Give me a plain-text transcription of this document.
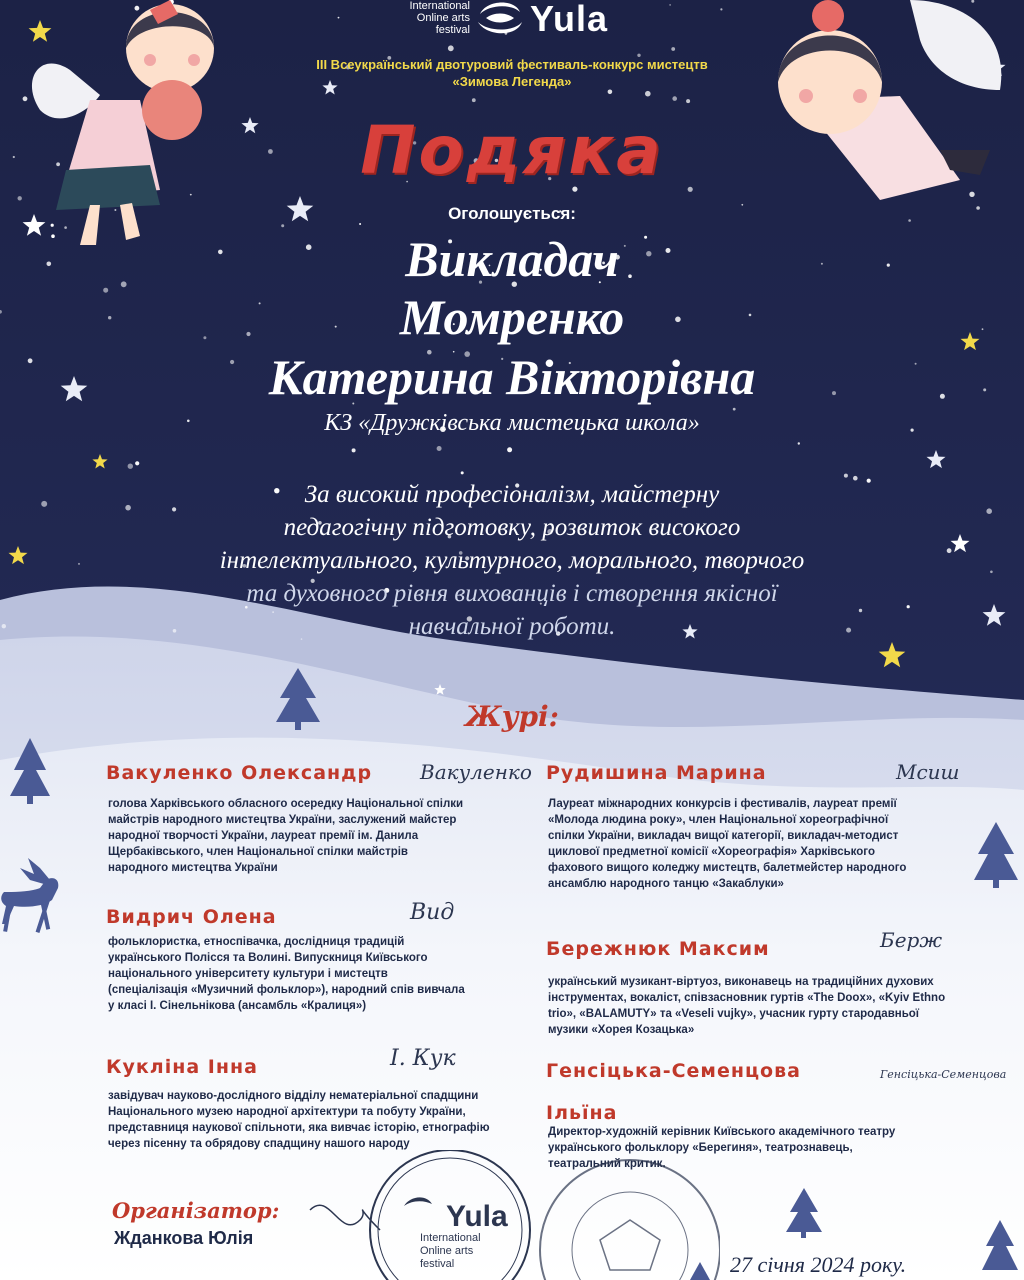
International Online arts festival Yula
ІІІ Всеукраїнський двотуровий фестиваль-конкурс мистецтв
«Зимова Легенда»
Подяка
Оголошується:
Викладач
Момренко
Катерина Вікторівна
КЗ «Дружківська мистецька школа»
За високий професіоналізм, майстерну
педагогічну підготовку, розвиток високого
інтелектуального, культурного, морального, творчого
та духовного рівня вихованців і створення якісної
навчальної роботи.
Журі:
Вакуленко Олександр Вакуленко
голова Харківського обласного осередку Національної спілки майстрів народного мистецтва України, заслужений майстер народної творчості України, лауреат премії ім. Данила Щербаківського, член Національної спілки майстрів народного мистецтва України
Видрич Олена	Вид
фольклористка, етноспівачка, дослідниця традицій українського Полісся та Волині. Випускниця Київського національного університету культури і мистецтв (спеціалізація «Музичний фольклор»), народний спів вивчала у класі І. Сінельнікова (ансамбль «Кралиця»)
Кукліна Інна	І. Кук
завідувач науково-дослідного відділу нематеріальної спадщини Національного музею народної архітектури та побуту України, представниця наукової спільноти, яка вивчає історію, етнографію через пісенну та обрядову спадщину нашого народу
Рудишина Марина	Мсиш
Лауреат міжнародних конкурсів і фестивалів, лауреат премії «Молода людина року», член Національної хореографічної спілки України, викладач вищої категорії, викладач-методист циклової предметної комісії «Хореографія» Харківського фахового вищого коледжу мистецтв, балетмейстер народного ансамблю народного танцю «Закаблуки»
Бережнюк Максим	Берж
український музикант-віртуоз, виконавець на традиційних духових інструментах, вокаліст, співзасновник гуртів «The Doox», «Kyiv Ethno trio», «BALAMUTY» та «Veseli vujky», учасник гурту стародавньої музики «Хорея Козацька»
Генсіцька-Семенцова	Генсіцька-Семенцова
Ільїна
Директор-художній керівник Київського академічного театру українського фольклору «Берегиня», театрознавець, театральний критик.
Організатор:
Жданкова Юлія
Yula
International Online arts festival	27 січня 2024 року.
